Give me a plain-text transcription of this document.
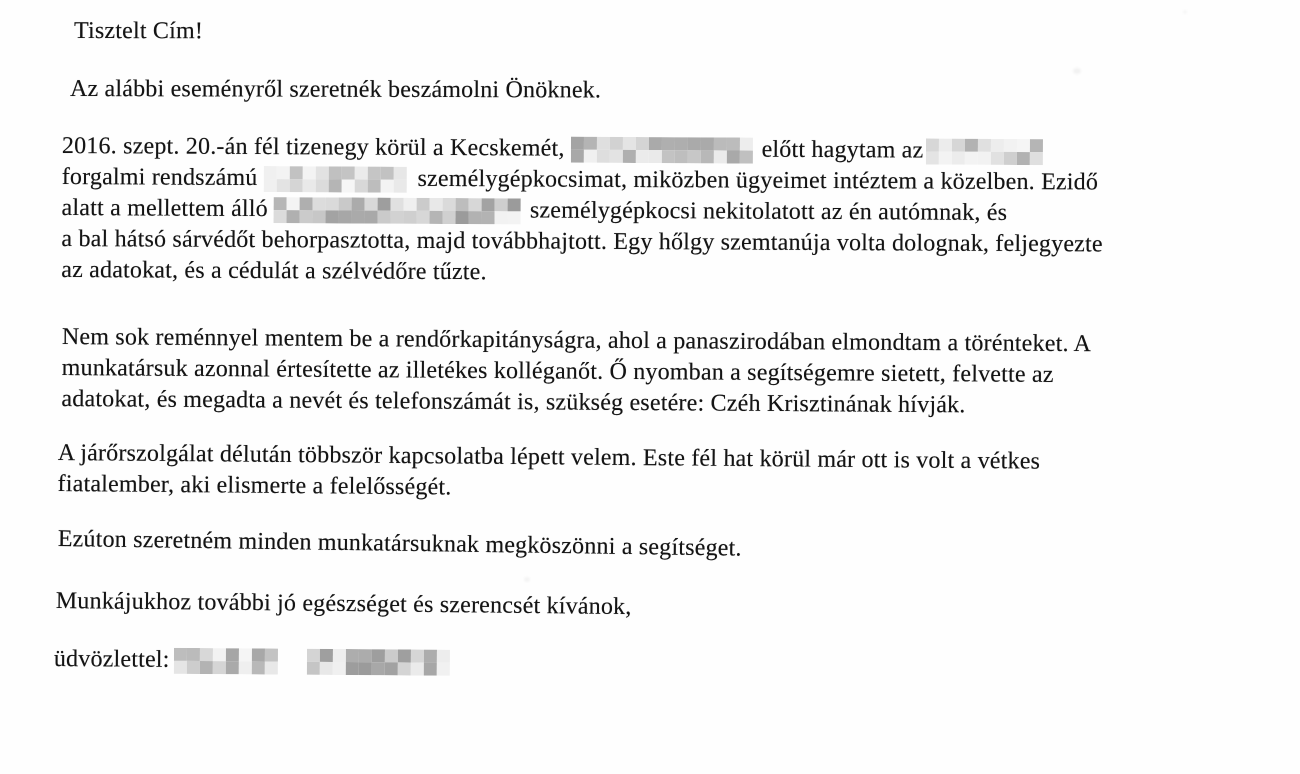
Tisztelt Cím!
Az alábbi eseményről szeretnék beszámolni Önöknek.
2016. szept. 20.-án fél tizenegy körül a Kecskemét,	előtt hagytam az
forgalmi rendszámú	személygépkocsimat, miközben ügyeimet intéztem a közelben. Ezidő
alatt a mellettem álló	személygépkocsi nekitolatott az én autómnak, és
a bal hátsó sárvédőt behorpasztotta, majd továbbhajtott. Egy hőlgy szemtanúja volta dolognak, feljegyezte
az adatokat, és a cédulát a szélvédőre tűzte.
Nem sok reménnyel mentem be a rendőrkapitányságra, ahol a panaszirodában elmondtam a törénteket. A
munkatársuk azonnal értesítette az illetékes kolléganőt. Ő nyomban a segítségemre sietett, felvette az
adatokat, és megadta a nevét és telefonszámát is, szükség esetére: Czéh Krisztinának hívják.
A járőrszolgálat délután többször kapcsolatba lépett velem. Este fél hat körül már ott is volt a vétkes
fiatalember, aki elismerte a felelősségét.
Ezúton szeretném minden munkatársuknak megköszönni a segítséget.
Munkájukhoz további jó egészséget és szerencsét kívánok,
üdvözlettel:
